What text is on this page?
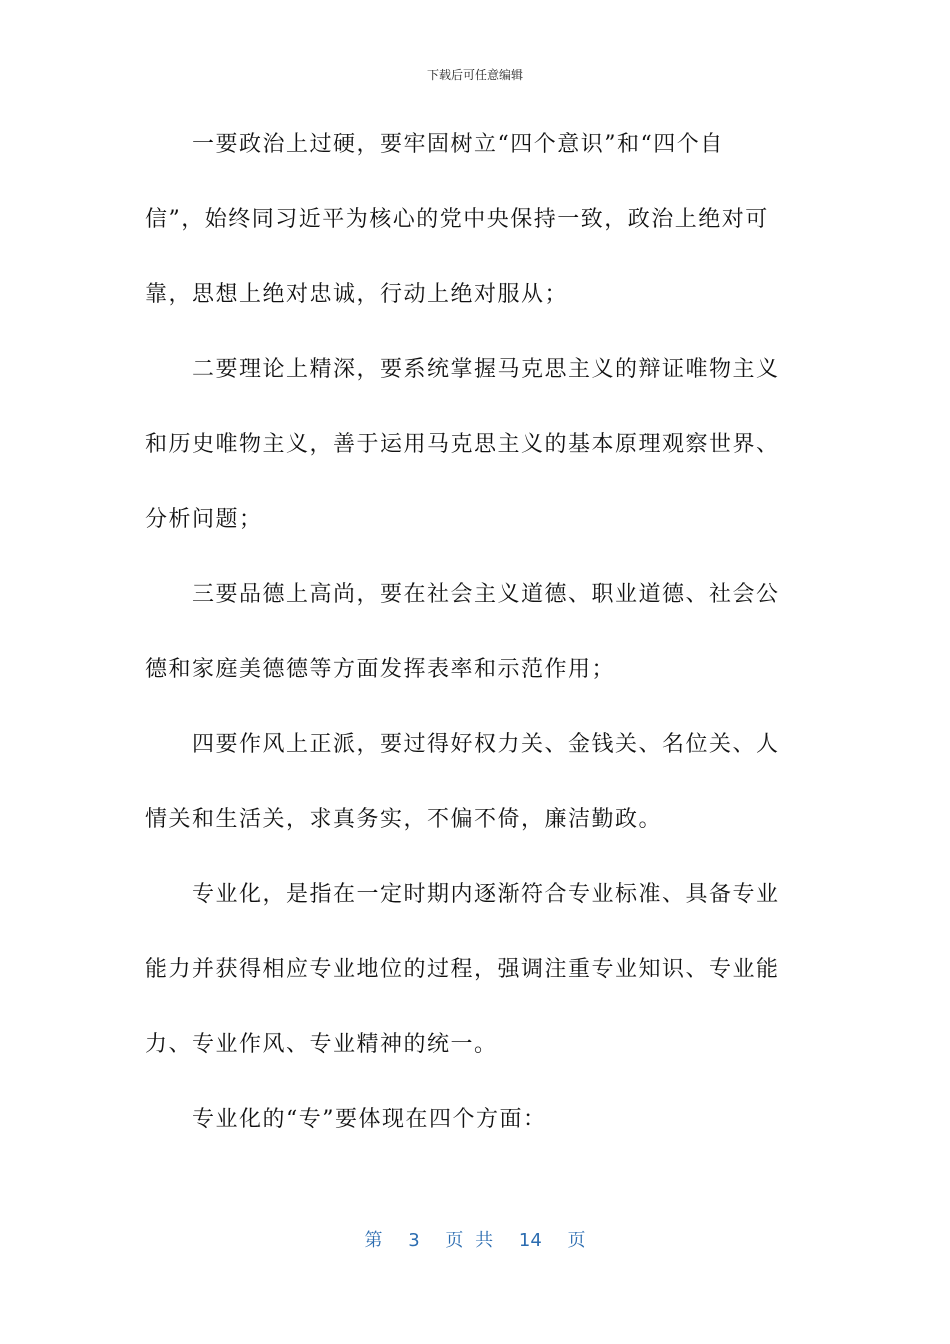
下载后可任意编辑
一要政治上过硬，要牢固树立“四个意识”和“四个自
信”，始终同习近平为核心的党中央保持一致，政治上绝对可
靠，思想上绝对忠诚，行动上绝对服从；
二要理论上精深，要系统掌握马克思主义的辩证唯物主义
和历史唯物主义，善于运用马克思主义的基本原理观察世界、
分析问题；
三要品德上高尚，要在社会主义道德、职业道德、社会公
德和家庭美德德等方面发挥表率和示范作用；
四要作风上正派，要过得好权力关、金钱关、名位关、人
情关和生活关，求真务实，不偏不倚，廉洁勤政。
专业化，是指在一定时期内逐渐符合专业标准、具备专业
能力并获得相应专业地位的过程，强调注重专业知识、专业能
力、专业作风、专业精神的统一。
专业化的“专”要体现在四个方面：
第 3 页 共 14 页
